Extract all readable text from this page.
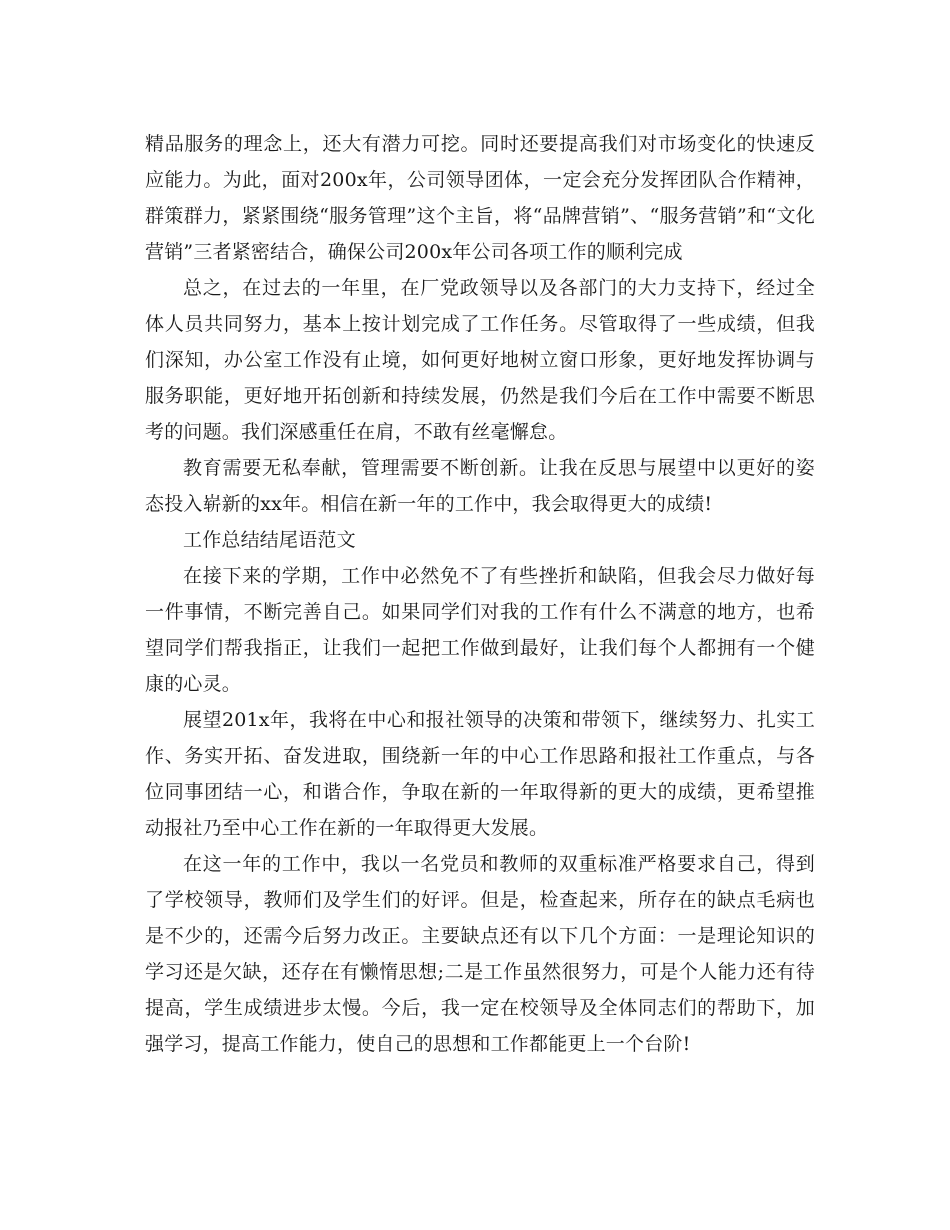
精品服务的理念上，还大有潜力可挖。同时还要提高我们对市场变化的快速反应能力。为此，面对200x年，公司领导团体，一定会充分发挥团队合作精神，群策群力，紧紧围绕“服务管理”这个主旨，将“品牌营销”、“服务营销”和“文化营销”三者紧密结合，确保公司200x年公司各项工作的顺利完成

总之，在过去的一年里，在厂党政领导以及各部门的大力支持下，经过全体人员共同努力，基本上按计划完成了工作任务。尽管取得了一些成绩，但我们深知，办公室工作没有止境，如何更好地树立窗口形象，更好地发挥协调与服务职能，更好地开拓创新和持续发展，仍然是我们今后在工作中需要不断思考的问题。我们深感重任在肩，不敢有丝毫懈怠。

教育需要无私奉献，管理需要不断创新。让我在反思与展望中以更好的姿态投入崭新的xx年。相信在新一年的工作中，我会取得更大的成绩!

工作总结结尾语范文

在接下来的学期，工作中必然免不了有些挫折和缺陷，但我会尽力做好每一件事情，不断完善自己。如果同学们对我的工作有什么不满意的地方，也希望同学们帮我指正，让我们一起把工作做到最好，让我们每个人都拥有一个健康的心灵。

展望201x年，我将在中心和报社领导的决策和带领下，继续努力、扎实工作、务实开拓、奋发进取，围绕新一年的中心工作思路和报社工作重点，与各位同事团结一心，和谐合作，争取在新的一年取得新的更大的成绩，更希望推动报社乃至中心工作在新的一年取得更大发展。

在这一年的工作中，我以一名党员和教师的双重标准严格要求自己，得到了学校领导，教师们及学生们的好评。但是，检查起来，所存在的缺点毛病也是不少的，还需今后努力改正。主要缺点还有以下几个方面：一是理论知识的学习还是欠缺，还存在有懒惰思想;二是工作虽然很努力，可是个人能力还有待提高，学生成绩进步太慢。今后，我一定在校领导及全体同志们的帮助下，加强学习，提高工作能力，使自己的思想和工作都能更上一个台阶!
